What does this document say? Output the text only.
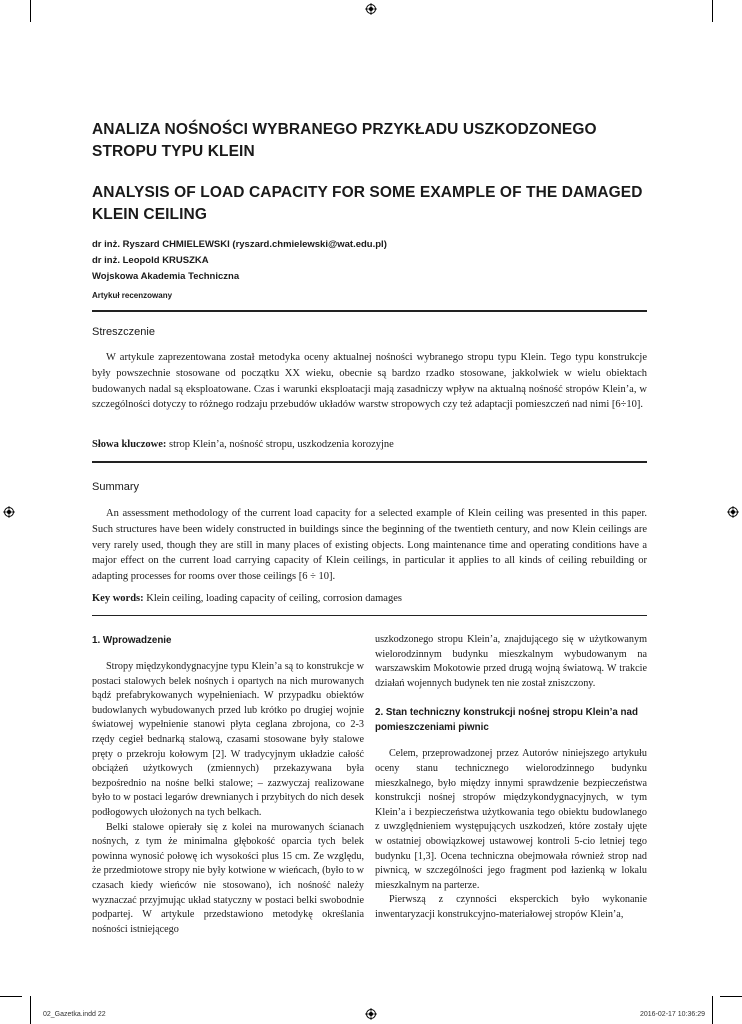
ANALIZA NOŚNOŚCI WYBRANEGO PRZYKŁADU USZKODZONEGO STROPU TYPU KLEIN
ANALYSIS OF LOAD CAPACITY FOR SOME EXAMPLE OF THE DAMAGED KLEIN CEILING
dr inż. Ryszard CHMIELEWSKI (ryszard.chmielewski@wat.edu.pl)
dr inż. Leopold KRUSZKA
Wojskowa Akademia Techniczna
Artykuł recenzowany
Streszczenie

W artykule zaprezentowana został metodyka oceny aktualnej nośności wybranego stropu typu Klein. Tego typu konstrukcje były powszechnie stosowane od początku XX wieku, obecnie są bardzo rzadko stosowane, jakkolwiek w wielu obiektach budowanych nadal są eksploatowane. Czas i warunki eksploatacji mają zasadniczy wpływ na aktualną nośność stropów Klein’a, w szczególności dotyczy to różnego rodzaju przebudów układów warstw stropowych czy też adaptacji pomieszczeń nad nimi [6÷10].

Słowa kluczowe: strop Klein’a, nośność stropu, uszkodzenia korozyjne

Summary

An assessment methodology of the current load capacity for a selected example of Klein ceiling was presented in this paper. Such structures have been widely constructed in buildings since the beginning of the twentieth century, and now Klein ceilings are very rarely used, though they are still in many places of existing objects. Long maintenance time and operating conditions have a major effect on the current load carrying capacity of Klein ceilings, in particular it applies to all kinds of ceiling rebuilding or adapting processes for rooms over those ceilings [6 ÷ 10].

Key words: Klein ceiling, loading capacity of ceiling, corrosion damages

1. Wprowadzenie

Stropy międzykondygnacyjne typu Klein’a są to konstrukcje w postaci stalowych belek nośnych i opartych na nich murowanych bądź prefabrykowanych wypełnieniach. W przypadku obiektów budowlanych wybudowanych przed lub krótko po drugiej wojnie światowej wypełnienie stanowi płyta ceglana zbrojona, co 2-3 rzędy cegieł bednarką stalową, czasami stosowane były stalowe pręty o przekroju kołowym [2]. W tradycyjnym układzie całość obciążeń użytkowych (zmiennych) przekazywana była bezpośrednio na nośne belki stalowe; – zazwyczaj realizowane było to w postaci legarów drewnianych i przybitych do nich desek podłogowych ułożonych na tych belkach.

Belki stalowe opierały się z kolei na murowanych ścianach nośnych, z tym że minimalna głębokość oparcia tych belek powinna wynosić połowę ich wysokości plus 15 cm. Ze względu, że przedmiotowe stropy nie były kotwione w wieńcach, (było to w czasach kiedy wieńców nie stosowano), ich nośność należy wyznaczać przyjmując układ statyczny w postaci belki swobodnie podpartej. W artykule przedstawiono metodykę określania nośności istniejącego

uszkodzonego stropu Klein’a, znajdującego się w użytkowanym wielorodzinnym budynku mieszkalnym wybudowanym na warszawskim Mokotowie przed drugą wojną światową. W trakcie działań wojennych budynek ten nie został zniszczony.

2. Stan techniczny konstrukcji nośnej stropu Klein’a nad pomieszczeniami piwnic

Celem, przeprowadzonej przez Autorów niniejszego artykułu oceny stanu technicznego wielorodzinnego budynku mieszkalnego, było między innymi sprawdzenie bezpieczeństwa konstrukcji nośnej stropów międzykondygnacyjnych, w tym Klein’a i bezpieczeństwa użytkowania tego obiektu budowlanego z uwzględnieniem występujących uszkodzeń, które zostały ujęte w ostatniej obowiązkowej ustawowej kontroli 5-cio letniej tego budynku [1,3]. Ocena techniczna obejmowała również strop nad piwnicą, w szczególności jego fragment pod łazienką w lokalu mieszkalnym na parterze.

Pierwszą z czynności eksperckich było wykonanie inwentaryzacji konstrukcyjno-materiałowej stropów Klein’a,

02_Gazetka.indd 22	2016-02-17 10:36:29
